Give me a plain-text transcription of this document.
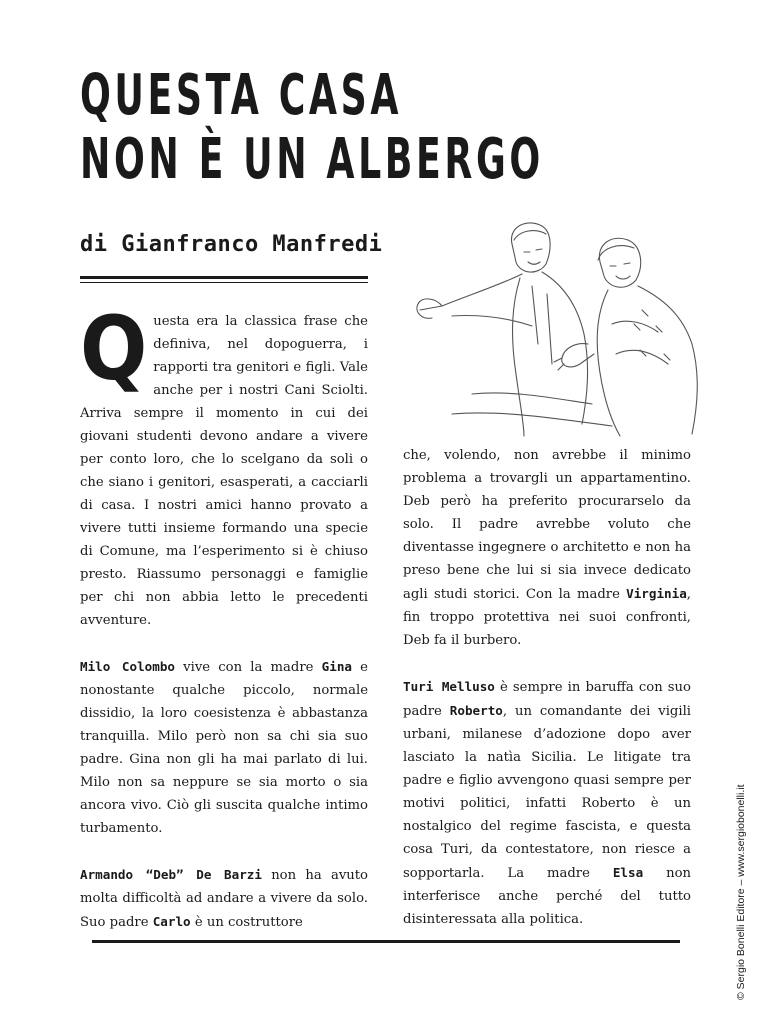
QUESTA CASA
NON È UN ALBERGO
di Gianfranco Manfredi

Questa era la classica frase che definiva, nel dopoguerra, i rapporti tra genitori e figli. Vale anche per i nostri Cani Sciolti. Arriva sempre il momento in cui dei giovani studenti devono andare a vivere per conto loro, che lo scelgano da soli o che siano i genitori, esasperati, a cacciarli di casa. I nostri amici hanno provato a vivere tutti insieme formando una specie di Comune, ma l’esperimento si è chiuso presto. Riassumo personaggi e famiglie per chi non abbia letto le precedenti avventure.

Milo Colombo vive con la madre Gina e nonostante qualche piccolo, normale dissidio, la loro coesistenza è abbastanza tranquilla. Milo però non sa chi sia suo padre. Gina non gli ha mai parlato di lui. Milo non sa neppure se sia morto o sia ancora vivo. Ciò gli suscita qualche intimo turbamento.

Armando “Deb” De Barzi non ha avuto molta difficoltà ad andare a vivere da solo. Suo padre Carlo è un costruttore

che, volendo, non avrebbe il minimo problema a trovargli un appartamentino. Deb però ha preferito procurarselo da solo. Il padre avrebbe voluto che diventasse ingegnere o architetto e non ha preso bene che lui si sia invece dedicato agli studi storici. Con la madre Virginia, fin troppo protettiva nei suoi confronti, Deb fa il burbero.

Turi Melluso è sempre in baruffa con suo padre Roberto, un comandante dei vigili urbani, milanese d’adozione dopo aver lasciato la natìa Sicilia. Le litigate tra padre e figlio avvengono quasi sempre per motivi politici, infatti Roberto è un nostalgico del regime fascista, e questa cosa Turi, da contestatore, non riesce a sopportarla. La madre Elsa non interferisce anche perché del tutto disinteressata alla politica.	© Sergio Bonelli Editore – www.sergiobonelli.it
